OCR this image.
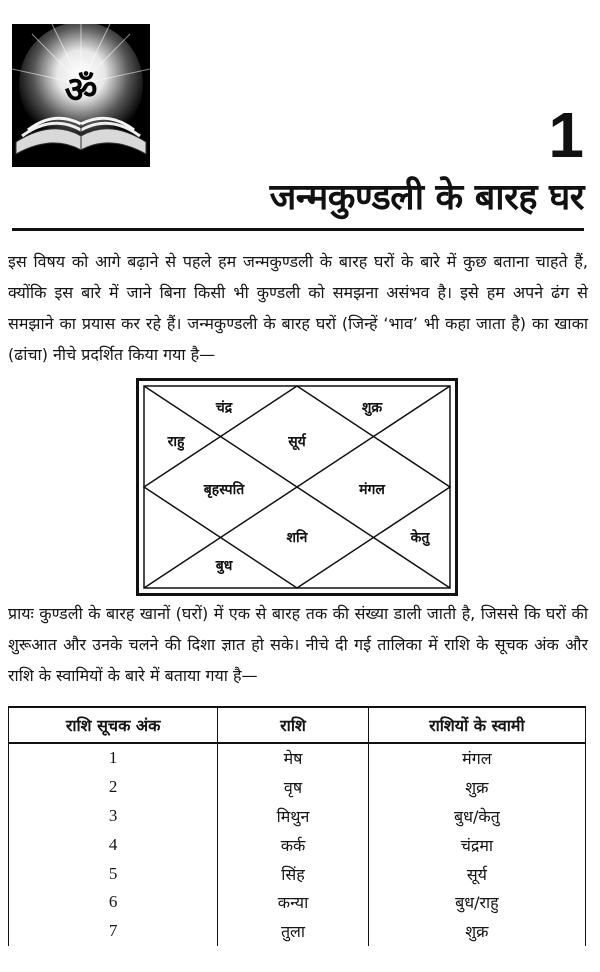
ॐ
1
जन्मकुण्डली के बारह घर
इस विषय को आगे बढ़ाने से पहले हम जन्मकुण्डली के बारह घरों के बारे में कुछ बताना चाहते हैं, क्योंकि इस बारे में जाने बिना किसी भी कुण्डली को समझना असंभव है। इसे हम अपने ढंग से समझाने का प्रयास कर रहे हैं। जन्मकुण्डली के बारह घरों (जिन्हें ‘भाव’ भी कहा जाता है) का खाका (ढांचा) नीचे प्रदर्शित किया गया है—
चंद्र	शुक्र
राहु	सूर्य
बृहस्पति	मंगल
शनि	केतु
बुध
प्रायः कुण्डली के बारह खानों (घरों) में एक से बारह तक की संख्या डाली जाती है, जिससे कि घरों की शुरूआत और उनके चलने की दिशा ज्ञात हो सके। नीचे दी गई तालिका में राशि के सूचक अंक और राशि के स्वामियों के बारे में बताया गया है—
राशि सूचक अंक	राशि	राशियों के स्वामी
1	मेष	मंगल
2	वृष	शुक्र
3	मिथुन	बुध/केतु
4	कर्क	चंद्रमा
5	सिंह	सूर्य
6	कन्या	बुध/राहु
7	तुला	शुक्र
